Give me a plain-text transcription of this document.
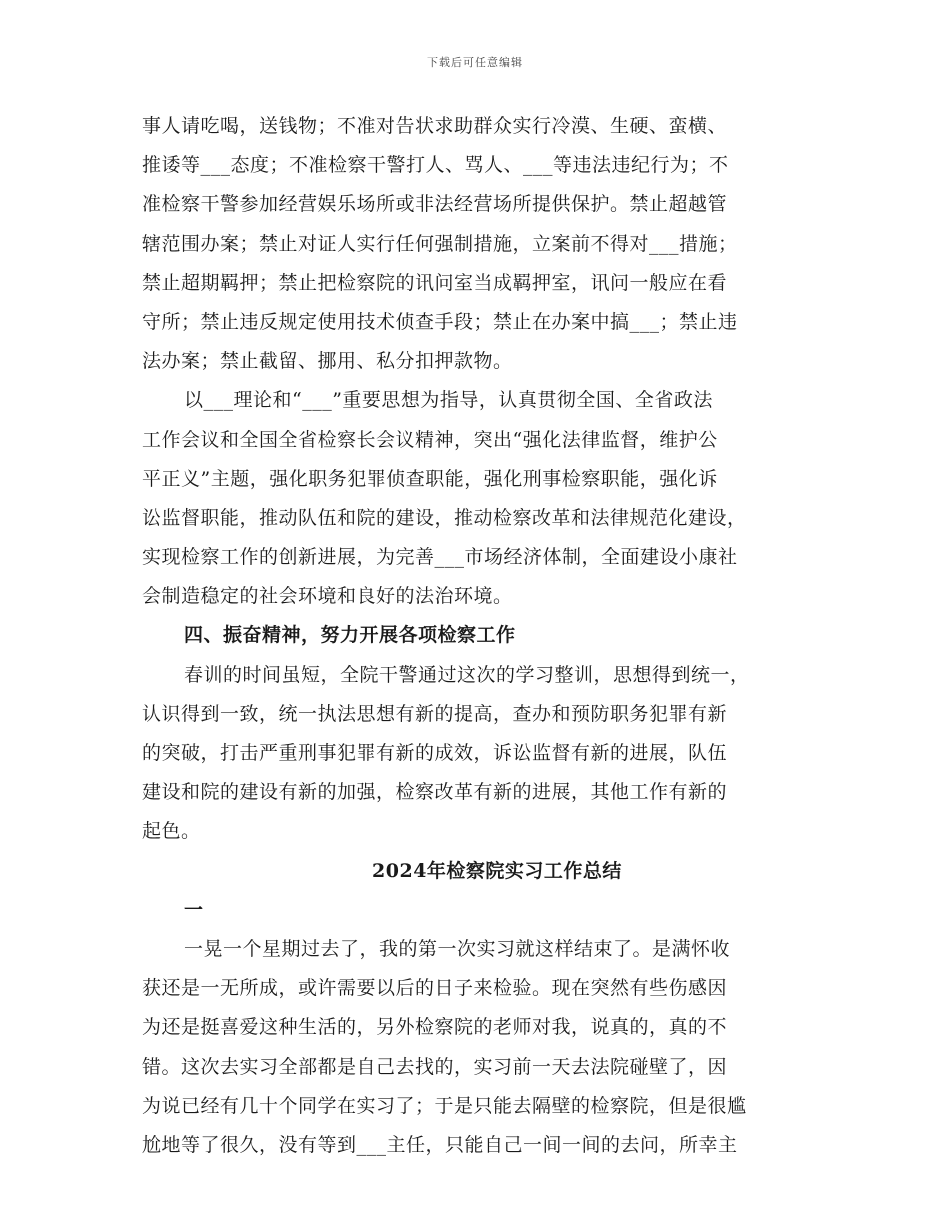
下载后可任意编辑
事人请吃喝，送钱物；不准对告状求助群众实行冷漠、生硬、蛮横、
推诿等___态度；不准检察干警打人、骂人、___等违法违纪行为；不
准检察干警参加经营娱乐场所或非法经营场所提供保护。禁止超越管
辖范围办案；禁止对证人实行任何强制措施，立案前不得对___措施；
禁止超期羁押；禁止把检察院的讯问室当成羁押室，讯问一般应在看
守所；禁止违反规定使用技术侦查手段；禁止在办案中搞___；禁止违
法办案；禁止截留、挪用、私分扣押款物。
以___理论和“___”重要思想为指导，认真贯彻全国、全省政法
工作会议和全国全省检察长会议精神，突出“强化法律监督，维护公
平正义”主题，强化职务犯罪侦查职能，强化刑事检察职能，强化诉
讼监督职能，推动队伍和院的建设，推动检察改革和法律规范化建设，
实现检察工作的创新进展，为完善___市场经济体制，全面建设小康社
会制造稳定的社会环境和良好的法治环境。
四、振奋精神，努力开展各项检察工作
春训的时间虽短，全院干警通过这次的学习整训，思想得到统一，
认识得到一致，统一执法思想有新的提高，查办和预防职务犯罪有新
的突破，打击严重刑事犯罪有新的成效，诉讼监督有新的进展，队伍
建设和院的建设有新的加强，检察改革有新的进展，其他工作有新的
起色。
2024年检察院实习工作总结
一
一晃一个星期过去了，我的第一次实习就这样结束了。是满怀收
获还是一无所成，或许需要以后的日子来检验。现在突然有些伤感因
为还是挺喜爱这种生活的，另外检察院的老师对我，说真的，真的不
错。这次去实习全部都是自己去找的，实习前一天去法院碰壁了，因
为说已经有几十个同学在实习了；于是只能去隔壁的检察院，但是很尴
尬地等了很久，没有等到___主任，只能自己一间一间的去问，所幸主
